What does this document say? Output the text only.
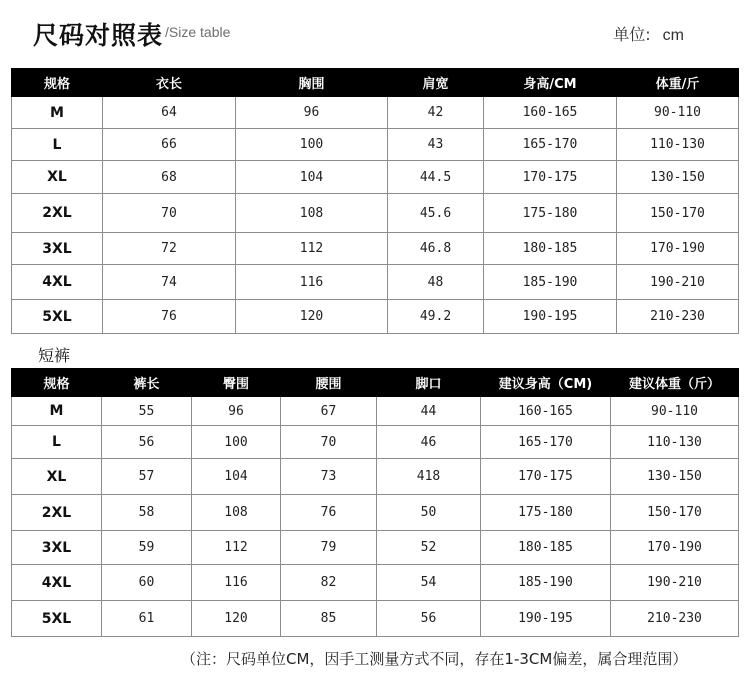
尺码对照表 /Size table	单位: cm
规格	衣长	胸围	肩宽	身高/CM	体重/斤
M	64	96	42	160-165	90-110
L	66	100	43	165-170	110-130
XL	68	104	44.5	170-175	130-150
2XL	70	108	45.6	175-180	150-170
3XL	72	112	46.8	180-185	170-190
4XL	74	116	48	185-190	190-210
5XL	76	120	49.2	190-195	210-230
短裤
规格	裤长	臀围	腰围	脚口	建议身高（CM)	建议体重（斤）
M	55	96	67	44	160-165	90-110
L	56	100	70	46	165-170	110-130
XL	57	104	73	418	170-175	130-150
2XL	58	108	76	50	175-180	150-170
3XL	59	112	79	52	180-185	170-190
4XL	60	116	82	54	185-190	190-210
5XL	61	120	85	56	190-195	210-230
（注：尺码单位CM，因手工测量方式不同，存在1-3CM偏差，属合理范围）
